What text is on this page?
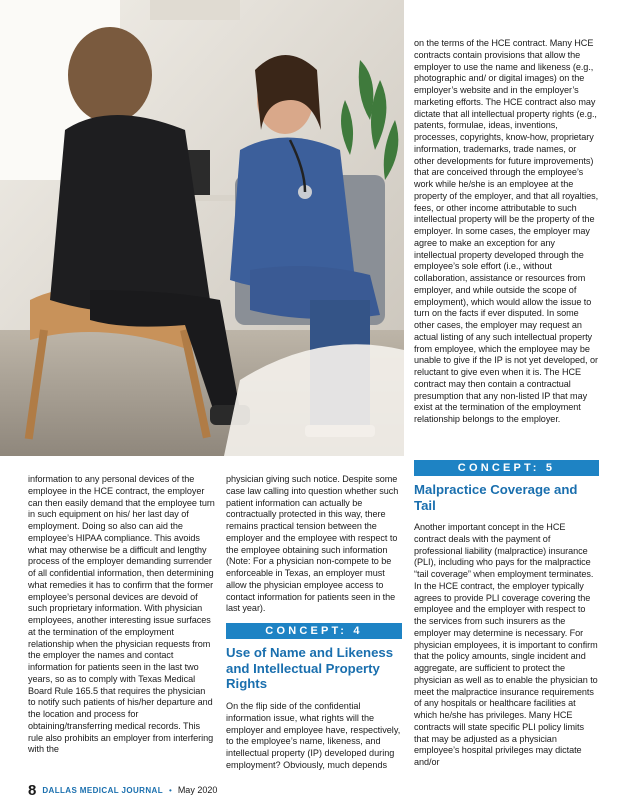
on the terms of the HCE contract. Many HCE contracts contain provisions that allow the employer to use the name and likeness (e.g., photographic and/ or digital images) on the employer’s website and in the employer’s marketing efforts. The HCE contract also may dictate that all intellectual property rights (e.g., patents, formulae, ideas, inventions, processes, copyrights, know-how, proprietary information, trademarks, trade names, or other developments for future improvements) that are conceived through the employee’s work while he/she is an employee at the property of the employer, and that all royalties, fees, or other income attributable to such intellectual property will be the property of the employer. In some cases, the employer may agree to make an exception for any intellectual property developed through the employee’s sole effort (i.e., without collaboration, assistance or resources from employer, and while outside the scope of employment), which would allow the issue to turn on the facts if ever disputed. In some other cases, the employer may request an actual listing of any such intellectual property from employee, which the employee may be unable to give if the IP is not yet developed, or reluctant to give even when it is. The HCE contract may then contain a contractual presumption that any non-listed IP that may exist at the termination of the employment relationship belongs to the employer.

CONCEPT: 5
Malpractice Coverage and Tail

Another important concept in the HCE contract deals with the payment of professional liability (malpractice) insurance (PLI), including who pays for the malpractice “tail coverage” when employment terminates. In the HCE contract, the employer typically agrees to provide PLI coverage covering the employee and the employer with respect to the services from such insurers as the employer may determine is necessary. For physician employees, it is important to confirm that the policy amounts, single incident and aggregate, are sufficient to protect the physician as well as to enable the physician to meet the malpractice insurance requirements of any hospitals or healthcare facilities at which he/she has privileges. Many HCE contracts will state specific PLI policy limits that may be adjusted as a physician employee’s hospital privileges may dictate and/or

information to any personal devices of the employee in the HCE contract, the employer can then easily demand that the employee turn in such equipment on his/ her last day of employment. Doing so also can aid the employee’s HIPAA compliance. This avoids what may otherwise be a difficult and lengthy process of the employer demanding surrender of all confidential information, then determining what remedies it has to confirm that the former employee’s personal devices are devoid of such proprietary information. With physician employees, another interesting issue surfaces at the termination of the employment relationship when the physician requests from the employer the names and contact information for patients seen in the last two years, so as to comply with Texas Medical Board Rule 165.5 that requires the physician to notify such patients of his/her departure and the location and process for obtaining/transferring medical records. This rule also prohibits an employer from interfering with the

physician giving such notice. Despite some case law calling into question whether such patient information can actually be contractually protected in this way, there remains practical tension between the employer and the employee with respect to the employee obtaining such information (Note: For a physician non-compete to be enforceable in Texas, an employer must allow the physician employee access to contact information for patients seen in the last year).

CONCEPT: 4
Use of Name and Likeness and Intellectual Property Rights

On the flip side of the confidential information issue, what rights will the employer and employee have, respectively, to the employee’s name, likeness, and intellectual property (IP) developed during employment? Obviously, much depends

8 DALLAS MEDICAL JOURNAL • May 2020
